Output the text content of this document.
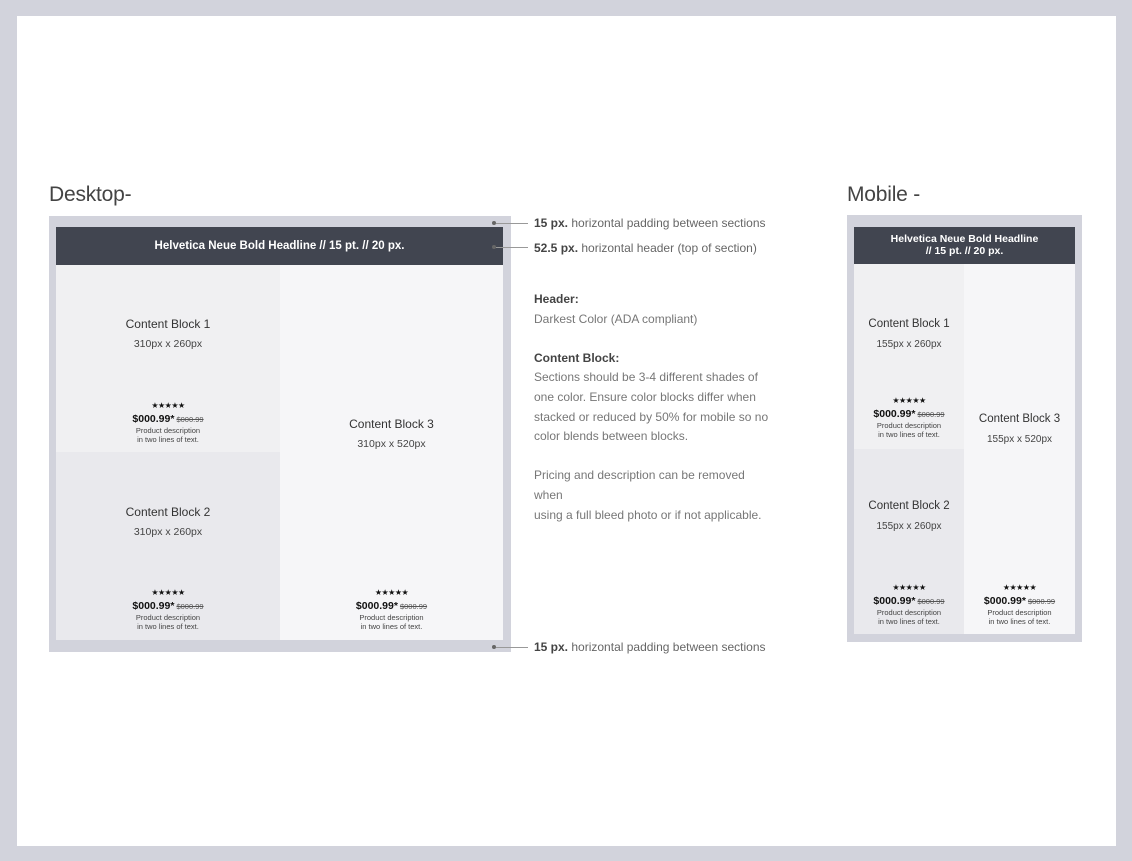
Desktop-
Helvetica Neue Bold Headline // 15 pt. // 20 px.
Content Block 1
310px x 260px
★★★★★
$000.99* $000.99
Product description
in two lines of text.
Content Block 2
310px x 260px
★★★★★
$000.99* $000.99
Product description
in two lines of text.
Content Block 3
310px x 520px
★★★★★
$000.99* $000.99
Product description
in two lines of text.
15 px. horizontal padding between sections
52.5 px. horizontal header (top of section)
15 px. horizontal padding between sections
Header:

Darkest Color (ADA compliant)

Content Block:

Sections should be 3-4 different shades of

one color. Ensure color blocks differ when

stacked or reduced by 50% for mobile so no

color blends between blocks.

Pricing and description can be removed when

using a full bleed photo or if not applicable.

Mobile -
Helvetica Neue Bold Headline
// 15 pt. // 20 px.
Content Block 1
155px x 260px
★★★★★
$000.99* $000.99
Product description
in two lines of text.
Content Block 2
155px x 260px
★★★★★
$000.99* $000.99
Product description
in two lines of text.
Content Block 3
155px x 520px
★★★★★
$000.99* $000.99
Product description
in two lines of text.
